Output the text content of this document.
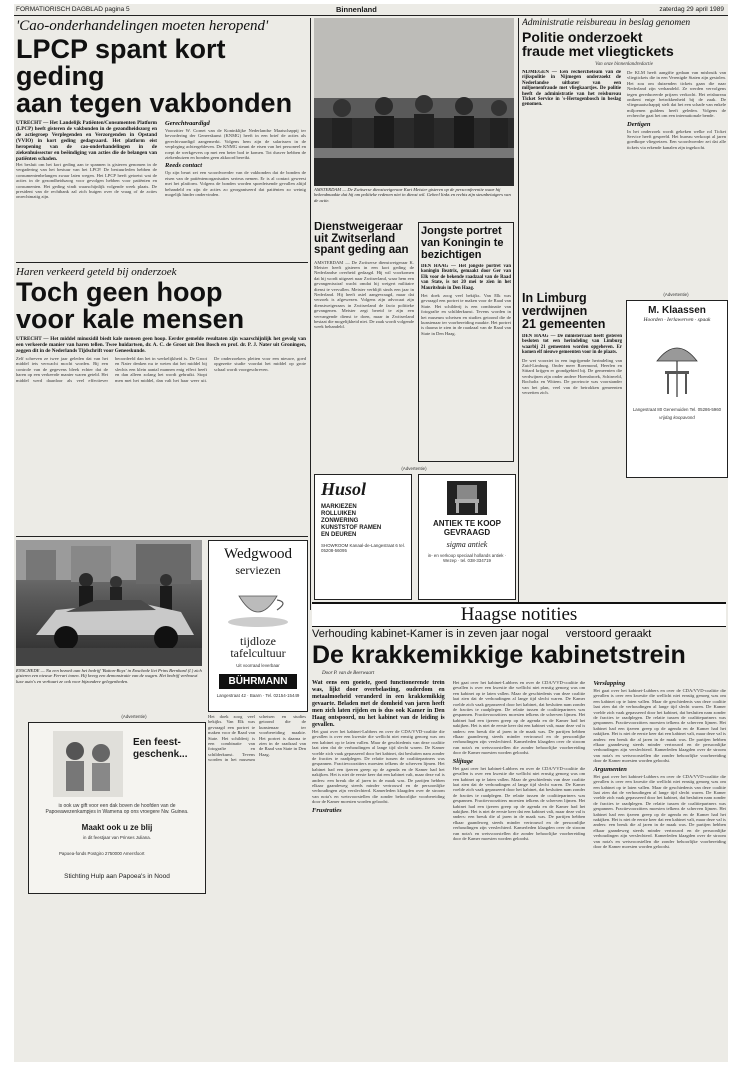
FORMATIORISCH DAGBLAD pagina 5	Binnenland	zaterdag 29 april 1989
'Cao-onderhandelingen moeten heropend'
LPCP spant kort geding
aan tegen vakbonden
UTRECHT — Het Landelijk Patiënten/Consumenten Platform (LPCP) heeft gisteren de vakbonden in de gezondheidszorg en de actiegroep Verplegenden en Verzorgenden in Opstand (VVIO) in kort geding gedagvaard. Het platform eist heropening van de cao-onderhandelingen in de ziekenhuissector en beëindiging van acties die de belangen van patiënten schaden.
Het besluit om het kort geding aan te spannen is gisteren genomen in de vergadering van het bestuur van het LPCP. De bestuurleden hebben de consumentenbelangen zwaar laten wegen. Het LPCP heeft getoetst wat de acties in de gezondheidszorg voor gevolgen hebben voor patiënten en consumenten. Het geding vindt waarschijnlijk volgende week plaats. De president van de rechtbank zal zich buigen over de vraag of de acties onrechtmatig zijn.
Gerechtvaardigd
Voorzitter W. Cornet van de Koninklijke Nederlandse Maatschappij ter bevordering der Geneeskunst (KNMG) heeft in een brief de acties als gerechtvaardigd aangemerkt. Volgens hem zijn de salarissen in de verpleging achtergebleven. De KNMG steunt de eisen van het personeel en roept de werkgevers op met een beter bod te komen. Tot dusver hebben de ziekenhuizen en bonden geen akkoord bereikt.
Reeds contact
Op zijn beurt zei een woordvoerder van de vakbonden dat de bonden de eisen van de patiëntenorganisaties serieus nemen. Er is al contact geweest met het platform. Volgens de bonden worden spoedeisende gevallen altijd behandeld en zijn de acties zo georganiseerd dat patiënten zo weinig mogelijk hinder ondervinden.
Haren verkeerd geteld bij onderzoek
Toch geen hoop
voor kale mensen
UTRECHT — Het middel minoxidil biedt kale mensen geen hoop. Eerder gemelde resultaten zijn waarschijnlijk het gevolg van een verkeerde manier van haren tellen. Twee huidartsen, dr. A. C. de Groot uit Den Bosch en prof. dr. P. J. Nater uit Groningen, zeggen dit in de Nederlands Tijdschrift voor Geneeskunde.
Zelf schreven ze twee jaar geleden dat van het middel iets verwacht mocht worden. Bij een controle van de gegevens bleek echter dat de haren op een verkeerde manier waren geteld. Het middel werd daardoor als veel effectiever beoordeeld dan het in werkelijkheid is. De Groot en Nater denken nu te weten dat het middel bij slechts een klein aantal mannen enig effect heeft en dan alleen zolang het wordt gebruikt. Stopt men met het middel, dan valt het haar weer uit. De onderzoekers pleiten voor een nieuwe, goed opgezette studie voordat het middel op grote schaal wordt voorgeschreven.
ENSCHEDE — Na een bezoek aan het bedrijf 'Button-Boys' in Enschede liet Prins Bernhard (l.) zich gisteren een nieuwe Ferrari tonen. Hij kreeg een demonstratie van de wagen. Het bedrijf verbouwt luxe auto's en verhuurt ze ook voor bijzondere gelegenheden.
Wedgwood
serviezen
tijdloze
tafelcultuur
Uit voorraad leverbaar
BÜHRMANN
Langestraat 42 · Baarn · Tel. 02154-15449
(Advertentie)
Een feest-geschenk...
is ook uw gift voor een dak boven de hoofden van de Papoeawezenkampjes in Wamena op ons vroegere Nw. Guinea.
Maakt ook u ze blij
in dit feestjaar van Prinses Juliana.
Papoea-fonds Postgiro 2750000 Amersfoort
Stichting Hulp aan Papoea's in Nood
Het doek zoog veel bekijks. Van Elk was gevraagd een portret te maken voor de Raad van State. Het schilderij is een combinatie van fotografie en schilderkunst. Tevens worden in het museum schetsen en studies getoond die de kunstenaar ter voorbereiding maakte. Het portret is daarna te zien in de raadzaal van de Raad van State in Den Haag.
AMSTERDAM — De Zwitserse dienstweigeraar Kurt Meister gisteren op de persconferentie waar hij bekendmaakte dat hij om politieke redenen niet in dienst wil. Geheel links en rechts zijn steunbetuigers van de actie.
Dienstweigeraar
uit Zwitserland
spant geding aan
AMSTERDAM — De Zwitserse dienstweigeraar K. Meister heeft gisteren in een kort geding de Nederlandse overheid gedaagd. Hij wil voorkomen dat hij wordt uitgezet naar Zwitserland, waar hem een gevangenisstraf wacht omdat hij weigert militaire dienst te vervullen. Meister verblijft sinds een jaar in Nederland. Hij heeft asiel aangevraagd, maar dat verzoek is afgewezen. Volgens zijn advocaat zijn dienstweigeraars in Zwitserland de facto politieke gevangenen. Meister zegt bereid te zijn een vervangende dienst te doen, maar in Zwitserland bestaat die mogelijkheid niet. De zaak wordt volgende week behandeld.
Jongste portret van Koningin te bezichtigen
DEN HAAG — Het jongste portret van koningin Beatrix, gemaakt door Ger van Elk voor de bekende raadzaal van de Raad van State, is tot 20 mei te zien in het Mauritshuis in Den Haag.
Het doek zoog veel bekijks. Van Elk was gevraagd een portret te maken voor de Raad van State. Het schilderij is een combinatie van fotografie en schilderkunst. Tevens worden in het museum schetsen en studies getoond die de kunstenaar ter voorbereiding maakte. Het portret is daarna te zien in de raadzaal van de Raad van State in Den Haag.
(Advertentie)
Husol
MARKIEZEN
ROLLUIKEN
ZONWERING
KUNSTSTOF RAMEN
EN DEUREN
SHOWROOM Kanaal-de-Langestraat 6 tel. 05208-56095
ANTIEK TE KOOP GEVRAAGD
sigma antiek
in- en verkoop speciaal hollands antiek · Wezep · tel. 038-334719
Administratie reisbureau in beslag genomen
Politie onderzoekt
fraude met vliegtickets
Van onze binnenlandredactie
NIJMEGEN — Een rechercheteam van de rijkspolitie in Nijmegen onderzoekt de Nederlandse uitbater van een miljoenenfraude met vliegkaartjes. De politie heeft de administratie van het reisbureau Ticket Service in 's-Hertogenbosch in beslag genomen.
De KLM heeft aangifte gedaan van misbruik van vliegtickets die in een Verenigde Staten zijn gestolen. Het zou om duizenden tickets gaan die naar Nederland zijn verhandeld. Ze werden vervolgens tegen gereduceerde prijzen verkocht. Het reisbureau ontkent enige betrokkenheid bij de zaak. De vliegmaatschappij stelt dat het een schade van enkele miljoenen guldens heeft geleden. Volgens de recherche gaat het om een internationale bende.
Dertigen
In het onderzoek wordt gekeken welke rol Ticket Service heeft gespeeld. Het bureau verkoopt al jaren goedkope vliegreizen. Een woordvoerder zei dat alle tickets via erkende kanalen zijn ingekocht.
In Limburg
verdwijnen
21 gemeenten
DEN HAAG — De ministerraad heeft gisteren besloten tot een herindeling van Limburg waarbij 21 gemeenten worden opgeheven. Er komen elf nieuwe gemeenten voor in de plaats.
De wet voorziet in een ingrijpende herindeling van Zuid-Limburg. Onder meer Roermond, Heerlen en Sittard krijgen er grondgebied bij. De gemeenten die verdwijnen zijn onder andere Hoensbroek, Schinveld, Bocholtz en Wittem. De provincie was voorstander van het plan, veel van de betrokken gemeenten verzetten zich.
(Advertentie)
M. Klaassen
Hoorden · Ierlawerven · spaak
Langestraat 80 Genemuiden Tel. 05286-5960
vrijdag koopavond
Haagse notities
Verhouding kabinet-Kamer is in zeven jaar nogal verstoord geraakt
De krakkemikkige kabinetstrein
Door P. van de Beerwaart
Wat eens een goeiele, goed functionerende trein was, lijkt door overbelasting, ouderdom en metaalmoeheid veranderd in een krakkemikkig gevaarte. Beladen met de domheid van jaren heeft men zich laten rijden en is dus ook Kamer in Den Haag ontspoord, nu het kabinet van de leiding is gevallen.
Het gaat over het kabinet-Lubbers en over de CDA/VVD-coalitie die gevallen is over een kwestie die wellicht niet ernstig genoeg was om een kabinet op te laten vallen. Maar de geschiedenis van deze coalitie laat zien dat de verhoudingen al lange tijd slecht waren. De Kamer voelde zich vaak gepasseerd door het kabinet, dat besluiten nam zonder de fracties te raadplegen. De relatie tussen de coalitiepartners was gespannen. Fractievoorzitters moesten telkens de scherven lijmen. Het kabinet had een ijzeren greep op de agenda en de Kamer had het nakijken. Het is niet de eerste keer dat een kabinet valt, maar deze val is anders: een breuk die al jaren in de maak was. De partijen hebben elkaar gaandeweg steeds minder vertrouwd en de persoonlijke verhoudingen zijn verslechterd. Kamerleden klaagden over de stroom van nota's en wetsvoorstellen die zonder behoorlijke voorbereiding door de Kamer moesten worden geloodst.
Frustraties
Het gaat over het kabinet-Lubbers en over de CDA/VVD-coalitie die gevallen is over een kwestie die wellicht niet ernstig genoeg was om een kabinet op te laten vallen. Maar de geschiedenis van deze coalitie laat zien dat de verhoudingen al lange tijd slecht waren. De Kamer voelde zich vaak gepasseerd door het kabinet, dat besluiten nam zonder de fracties te raadplegen. De relatie tussen de coalitiepartners was gespannen. Fractievoorzitters moesten telkens de scherven lijmen. Het kabinet had een ijzeren greep op de agenda en de Kamer had het nakijken. Het is niet de eerste keer dat een kabinet valt, maar deze val is anders: een breuk die al jaren in de maak was. De partijen hebben elkaar gaandeweg steeds minder vertrouwd en de persoonlijke verhoudingen zijn verslechterd. Kamerleden klaagden over de stroom van nota's en wetsvoorstellen die zonder behoorlijke voorbereiding door de Kamer moesten worden geloodst.
Slijtage
Het gaat over het kabinet-Lubbers en over de CDA/VVD-coalitie die gevallen is over een kwestie die wellicht niet ernstig genoeg was om een kabinet op te laten vallen. Maar de geschiedenis van deze coalitie laat zien dat de verhoudingen al lange tijd slecht waren. De Kamer voelde zich vaak gepasseerd door het kabinet, dat besluiten nam zonder de fracties te raadplegen. De relatie tussen de coalitiepartners was gespannen. Fractievoorzitters moesten telkens de scherven lijmen. Het kabinet had een ijzeren greep op de agenda en de Kamer had het nakijken. Het is niet de eerste keer dat een kabinet valt, maar deze val is anders: een breuk die al jaren in de maak was. De partijen hebben elkaar gaandeweg steeds minder vertrouwd en de persoonlijke verhoudingen zijn verslechterd. Kamerleden klaagden over de stroom van nota's en wetsvoorstellen die zonder behoorlijke voorbereiding door de Kamer moesten worden geloodst.
Verslapping
Het gaat over het kabinet-Lubbers en over de CDA/VVD-coalitie die gevallen is over een kwestie die wellicht niet ernstig genoeg was om een kabinet op te laten vallen. Maar de geschiedenis van deze coalitie laat zien dat de verhoudingen al lange tijd slecht waren. De Kamer voelde zich vaak gepasseerd door het kabinet, dat besluiten nam zonder de fracties te raadplegen. De relatie tussen de coalitiepartners was gespannen. Fractievoorzitters moesten telkens de scherven lijmen. Het kabinet had een ijzeren greep op de agenda en de Kamer had het nakijken. Het is niet de eerste keer dat een kabinet valt, maar deze val is anders: een breuk die al jaren in de maak was. De partijen hebben elkaar gaandeweg steeds minder vertrouwd en de persoonlijke verhoudingen zijn verslechterd. Kamerleden klaagden over de stroom van nota's en wetsvoorstellen die zonder behoorlijke voorbereiding door de Kamer moesten worden geloodst.
Argumenten
Het gaat over het kabinet-Lubbers en over de CDA/VVD-coalitie die gevallen is over een kwestie die wellicht niet ernstig genoeg was om een kabinet op te laten vallen. Maar de geschiedenis van deze coalitie laat zien dat de verhoudingen al lange tijd slecht waren. De Kamer voelde zich vaak gepasseerd door het kabinet, dat besluiten nam zonder de fracties te raadplegen. De relatie tussen de coalitiepartners was gespannen. Fractievoorzitters moesten telkens de scherven lijmen. Het kabinet had een ijzeren greep op de agenda en de Kamer had het nakijken. Het is niet de eerste keer dat een kabinet valt, maar deze val is anders: een breuk die al jaren in de maak was. De partijen hebben elkaar gaandeweg steeds minder vertrouwd en de persoonlijke verhoudingen zijn verslechterd. Kamerleden klaagden over de stroom van nota's en wetsvoorstellen die zonder behoorlijke voorbereiding door de Kamer moesten worden geloodst.
